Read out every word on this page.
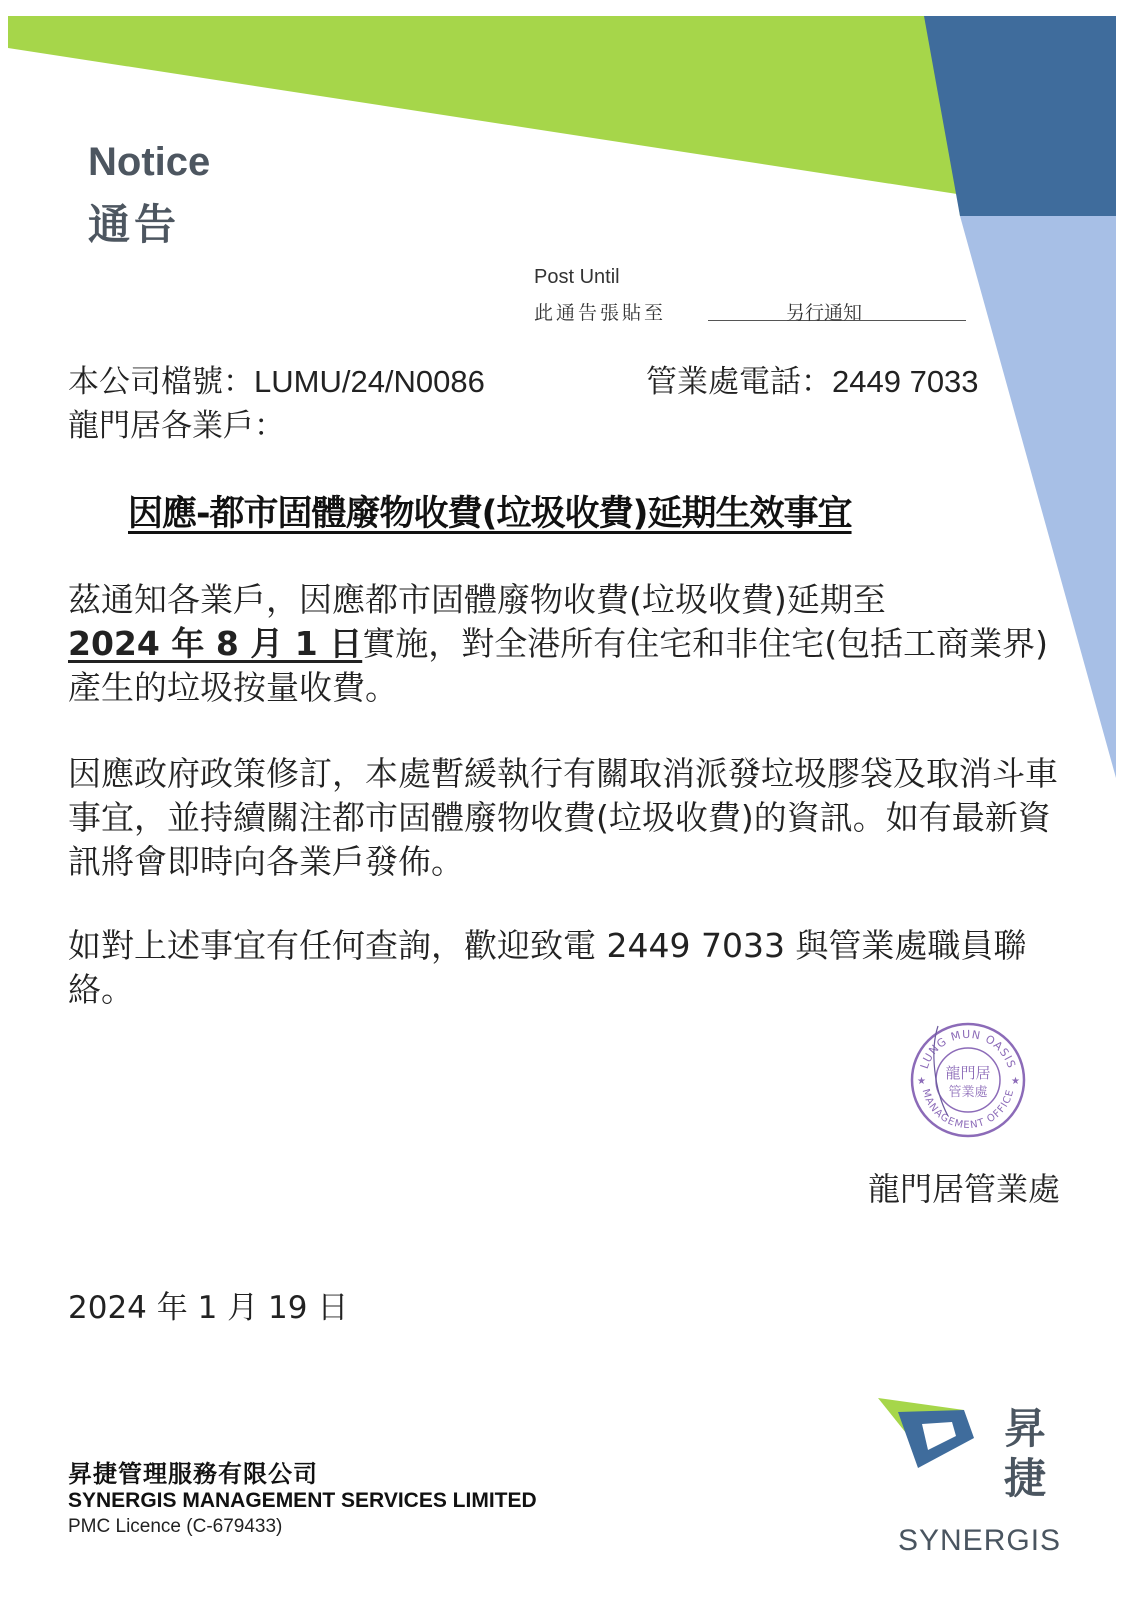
Notice
通告
Post Until
此通告張貼至	另行通知
本公司檔號：LUMU/24/N0086	管業處電話：2449 7033
龍門居各業戶：
因應-都市固體廢物收費(垃圾收費)延期生效事宜
茲通知各業戶，因應都市固體廢物收費(垃圾收費)延期至
2024 年 8 月 1 日實施，對全港所有住宅和非住宅(包括工商業界)產生的垃圾按量收費。
因應政府政策修訂，本處暫緩執行有關取消派發垃圾膠袋及取消斗車事宜，並持續關注都市固體廢物收費(垃圾收費)的資訊。如有最新資訊將會即時向各業戶發佈。
如對上述事宜有任何查詢，歡迎致電 2449 7033 與管業處職員聯絡。
LUNG MUN OASIS
MANAGEMENT OFFICE
龍門居
管業處
★	★
龍門居管業處
2024 年 1 月 19 日
昇捷管理服務有限公司
SYNERGIS MANAGEMENT SERVICES LIMITED
PMC Licence (C-679433)
昇
捷
SYNERGIS
